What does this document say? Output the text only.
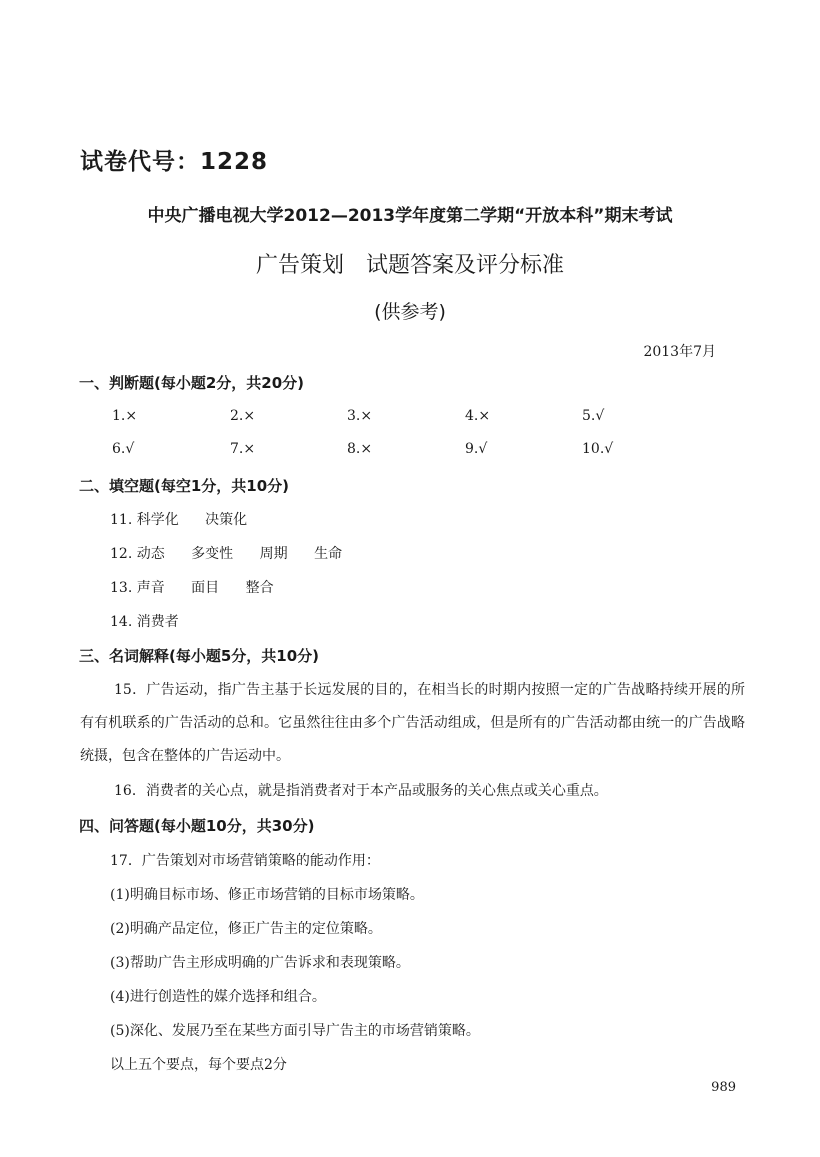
试卷代号：1228
中央广播电视大学2012—2013学年度第二学期“开放本科”期末考试
广告策划　试题答案及评分标准
(供参考)
2013年7月
一、判断题(每小题2分，共20分)
1.×	2.×	3.×	4.×	5.√
6.√	7.×	8.×	9.√	10.√
二、填空题(每空1分，共10分)
11. 科学化 决策化
12. 动态 多变性 周期 生命
13. 声音 面目 整合
14. 消费者
三、名词解释(每小题5分，共10分)
15．广告运动，指广告主基于长远发展的目的，在相当长的时期内按照一定的广告战略持续开展的所有有机联系的广告活动的总和。它虽然往往由多个广告活动组成，但是所有的广告活动都由统一的广告战略统摄，包含在整体的广告运动中。
16．消费者的关心点，就是指消费者对于本产品或服务的关心焦点或关心重点。
四、问答题(每小题10分，共30分)
17．广告策划对市场营销策略的能动作用：
(1)明确目标市场、修正市场营销的目标市场策略。
(2)明确产品定位，修正广告主的定位策略。
(3)帮助广告主形成明确的广告诉求和表现策略。
(4)进行创造性的媒介选择和组合。
(5)深化、发展乃至在某些方面引导广告主的市场营销策略。
以上五个要点，每个要点2分
989
